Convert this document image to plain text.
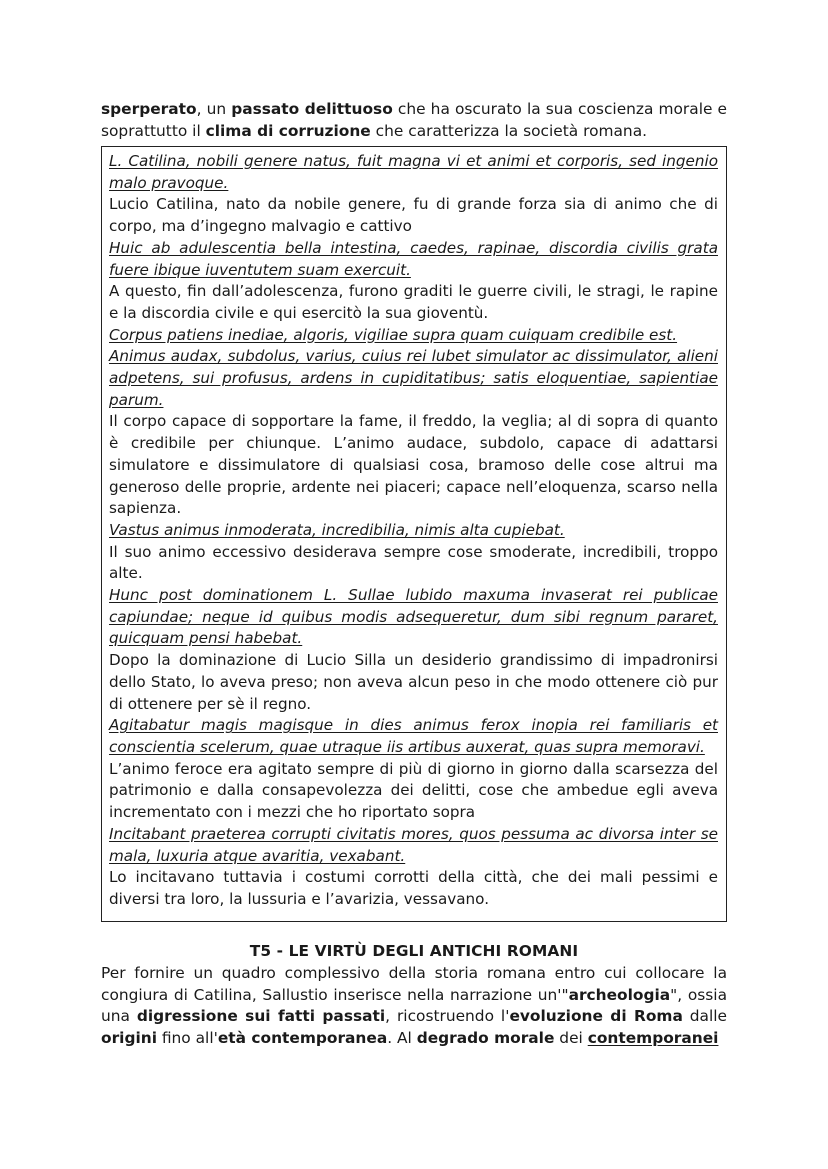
sperperato, un passato delittuoso che ha oscurato la sua coscienza morale e soprattutto il clima di corruzione che caratterizza la società romana.

L. Catilina, nobili genere natus, fuit magna vi et animi et corporis, sed ingenio malo pravoque.

Lucio Catilina, nato da nobile genere, fu di grande forza sia di animo che di corpo, ma d’ingegno malvagio e cattivo

Huic ab adulescentia bella intestina, caedes, rapinae, discordia civilis grata fuere ibique iuventutem suam exercuit.

A questo, fin dall’adolescenza, furono graditi le guerre civili, le stragi, le rapine e la discordia civile e qui esercitò la sua gioventù.

Corpus patiens inediae, algoris, vigiliae supra quam cuiquam credibile est.

Animus audax, subdolus, varius, cuius rei lubet simulator ac dissimulator, alieni adpetens, sui profusus, ardens in cupiditatibus; satis eloquentiae, sapientiae parum.

Il corpo capace di sopportare la fame, il freddo, la veglia; al di sopra di quanto è credibile per chiunque. L’animo audace, subdolo, capace di adattarsi simulatore e dissimulatore di qualsiasi cosa, bramoso delle cose altrui ma generoso delle proprie, ardente nei piaceri; capace nell’eloquenza, scarso nella sapienza.

Vastus animus inmoderata, incredibilia, nimis alta cupiebat.

Il suo animo eccessivo desiderava sempre cose smoderate, incredibili, troppo alte.

Hunc post dominationem L. Sullae lubido maxuma invaserat rei publicae capiundae; neque id quibus modis adsequeretur, dum sibi regnum pararet, quicquam pensi habebat.

Dopo la dominazione di Lucio Silla un desiderio grandissimo di impadronirsi dello Stato, lo aveva preso; non aveva alcun peso in che modo ottenere ciò pur di ottenere per sè il regno.

Agitabatur magis magisque in dies animus ferox inopia rei familiaris et conscientia scelerum, quae utraque iis artibus auxerat, quas supra memoravi.

L’animo feroce era agitato sempre di più di giorno in giorno dalla scarsezza del patrimonio e dalla consapevolezza dei delitti, cose che ambedue egli aveva incrementato con i mezzi che ho riportato sopra

Incitabant praeterea corrupti civitatis mores, quos pessuma ac divorsa inter se mala, luxuria atque avaritia, vexabant.

Lo incitavano tuttavia i costumi corrotti della città, che dei mali pessimi e diversi tra loro, la lussuria e l’avarizia, vessavano.

T5 - LE VIRTÙ DEGLI ANTICHI ROMANI

Per fornire un quadro complessivo della storia romana entro cui collocare la congiura di Catilina, Sallustio inserisce nella narrazione un'"archeologia", ossia una digressione sui fatti passati, ricostruendo l'evoluzione di Roma dalle origini fino all'età contemporanea. Al degrado morale dei contemporanei
